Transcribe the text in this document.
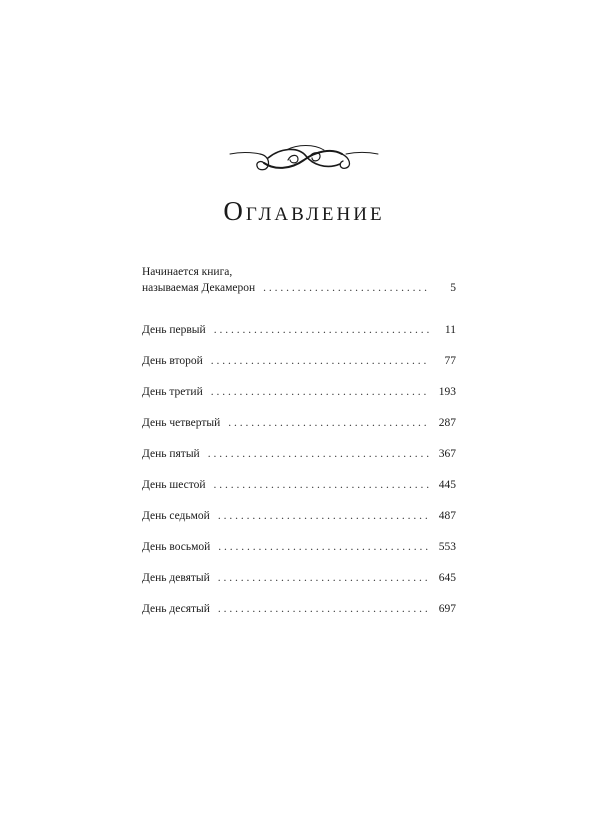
Оглавление
Начинается книга,
называемая Декамерон . . .	5
День первый . . .	11
День второй . . .	77
День третий . . .	193
День четвертый . . .	287
День пятый . . .	367
День шестой . . .	445
День седьмой . . .	487
День восьмой . . .	553
День девятый . . .	645
День десятый . . .	697
